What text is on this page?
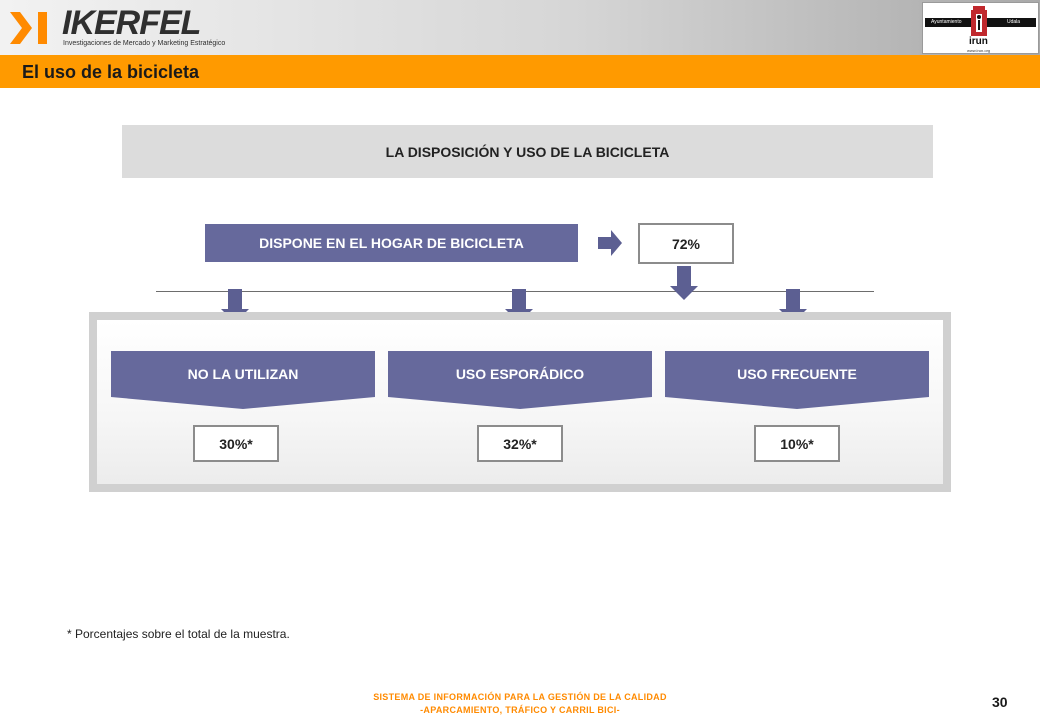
IKERFEL
Investigaciones de Mercado y Marketing Estratégico
Ayuntamiento	Udala
irun
www.irun.org
El uso de la bicicleta
LA DISPOSICIÓN Y USO DE LA BICICLETA
DISPONE EN EL HOGAR DE BICICLETA	72%
NO LA UTILIZAN	USO ESPORÁDICO	USO FRECUENTE
30%*	32%*	10%*
* Porcentajes sobre el total de la muestra.
SISTEMA DE INFORMACIÓN PARA LA GESTIÓN DE LA CALIDAD
-APARCAMIENTO, TRÁFICO Y CARRIL BICI-	30
